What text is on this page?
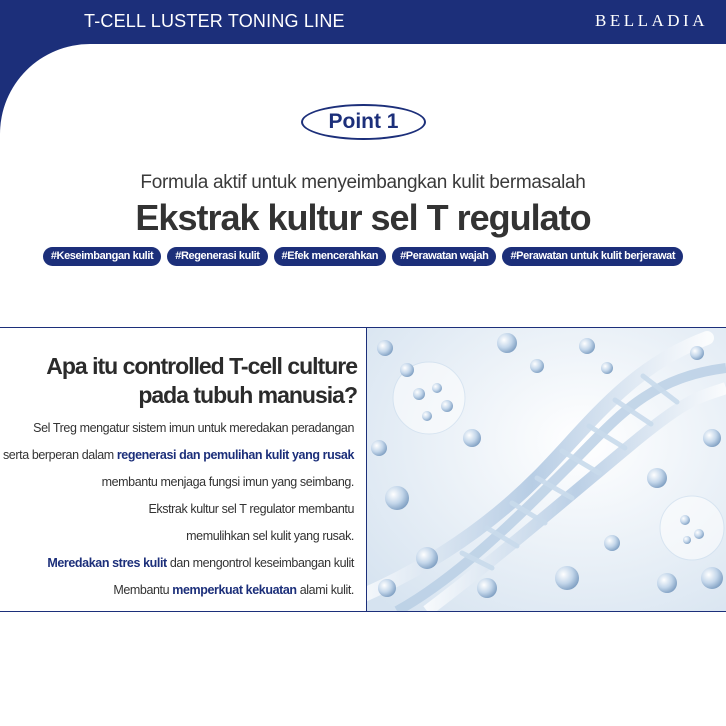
T-CELL LUSTER TONING LINE	BELLADIA
Point 1
Formula aktif untuk menyeimbangkan kulit bermasalah
Ekstrak kultur sel T regulato
#Keseimbangan kulit	#Regenerasi kulit	#Efek mencerahkan	#Perawatan wajah	#Perawatan untuk kulit berjerawat
Apa itu controlled T-cell culture
pada tubuh manusia?
Sel Treg mengatur sistem imun untuk meredakan peradangan
serta berperan dalam regenerasi dan pemulihan kulit yang rusak
membantu menjaga fungsi imun yang seimbang.
Ekstrak kultur sel T regulator membantu
memulihkan sel kulit yang rusak.
Meredakan stres kulit dan mengontrol keseimbangan kulit
Membantu memperkuat kekuatan alami kulit.
